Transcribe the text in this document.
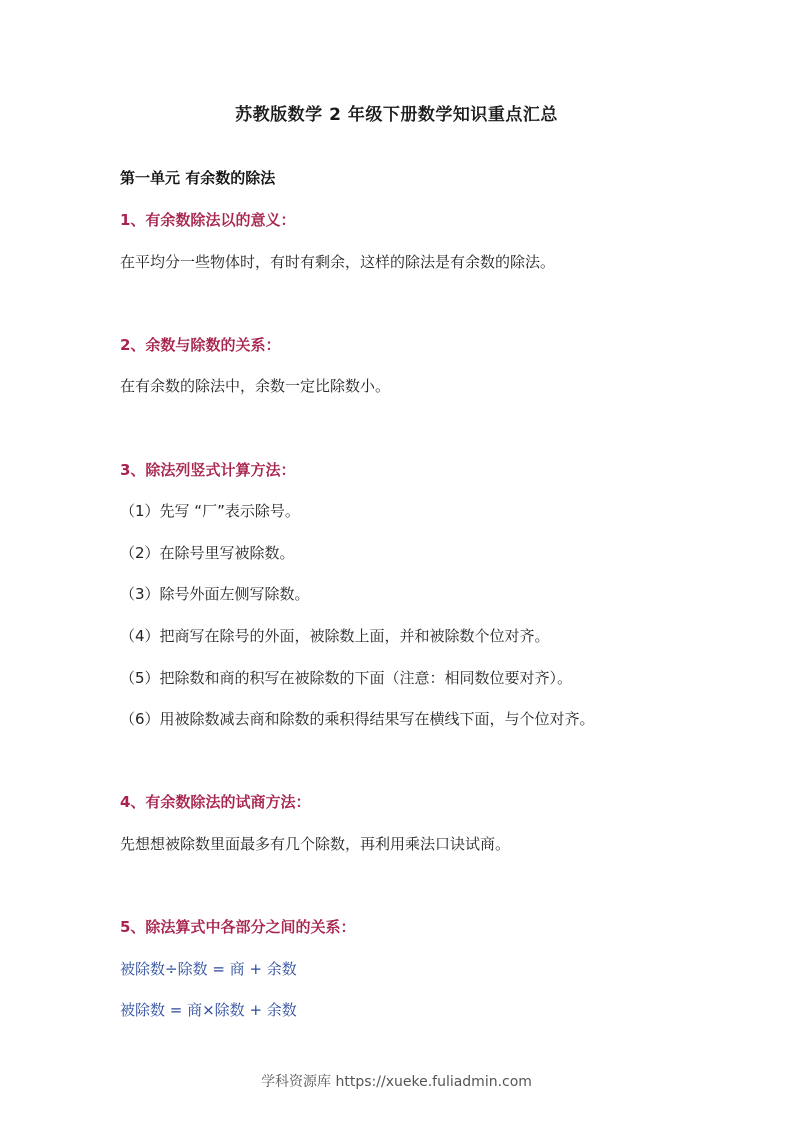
苏教版数学 2 年级下册数学知识重点汇总
第一单元 有余数的除法
1、有余数除法以的意义：
在平均分一些物体时，有时有剩余，这样的除法是有余数的除法。
2、余数与除数的关系：
在有余数的除法中，余数一定比除数小。
3、除法列竖式计算方法：
（1）先写 “厂”表示除号。
（2）在除号里写被除数。
（3）除号外面左侧写除数。
（4）把商写在除号的外面，被除数上面，并和被除数个位对齐。
（5）把除数和商的积写在被除数的下面（注意：相同数位要对齐）。
（6）用被除数减去商和除数的乘积得结果写在横线下面，与个位对齐。
4、有余数除法的试商方法：
先想想被除数里面最多有几个除数，再利用乘法口诀试商。
5、除法算式中各部分之间的关系：
被除数÷除数 = 商 + 余数
被除数 = 商×除数 + 余数
学科资源库 https://xueke.fuliadmin.com
